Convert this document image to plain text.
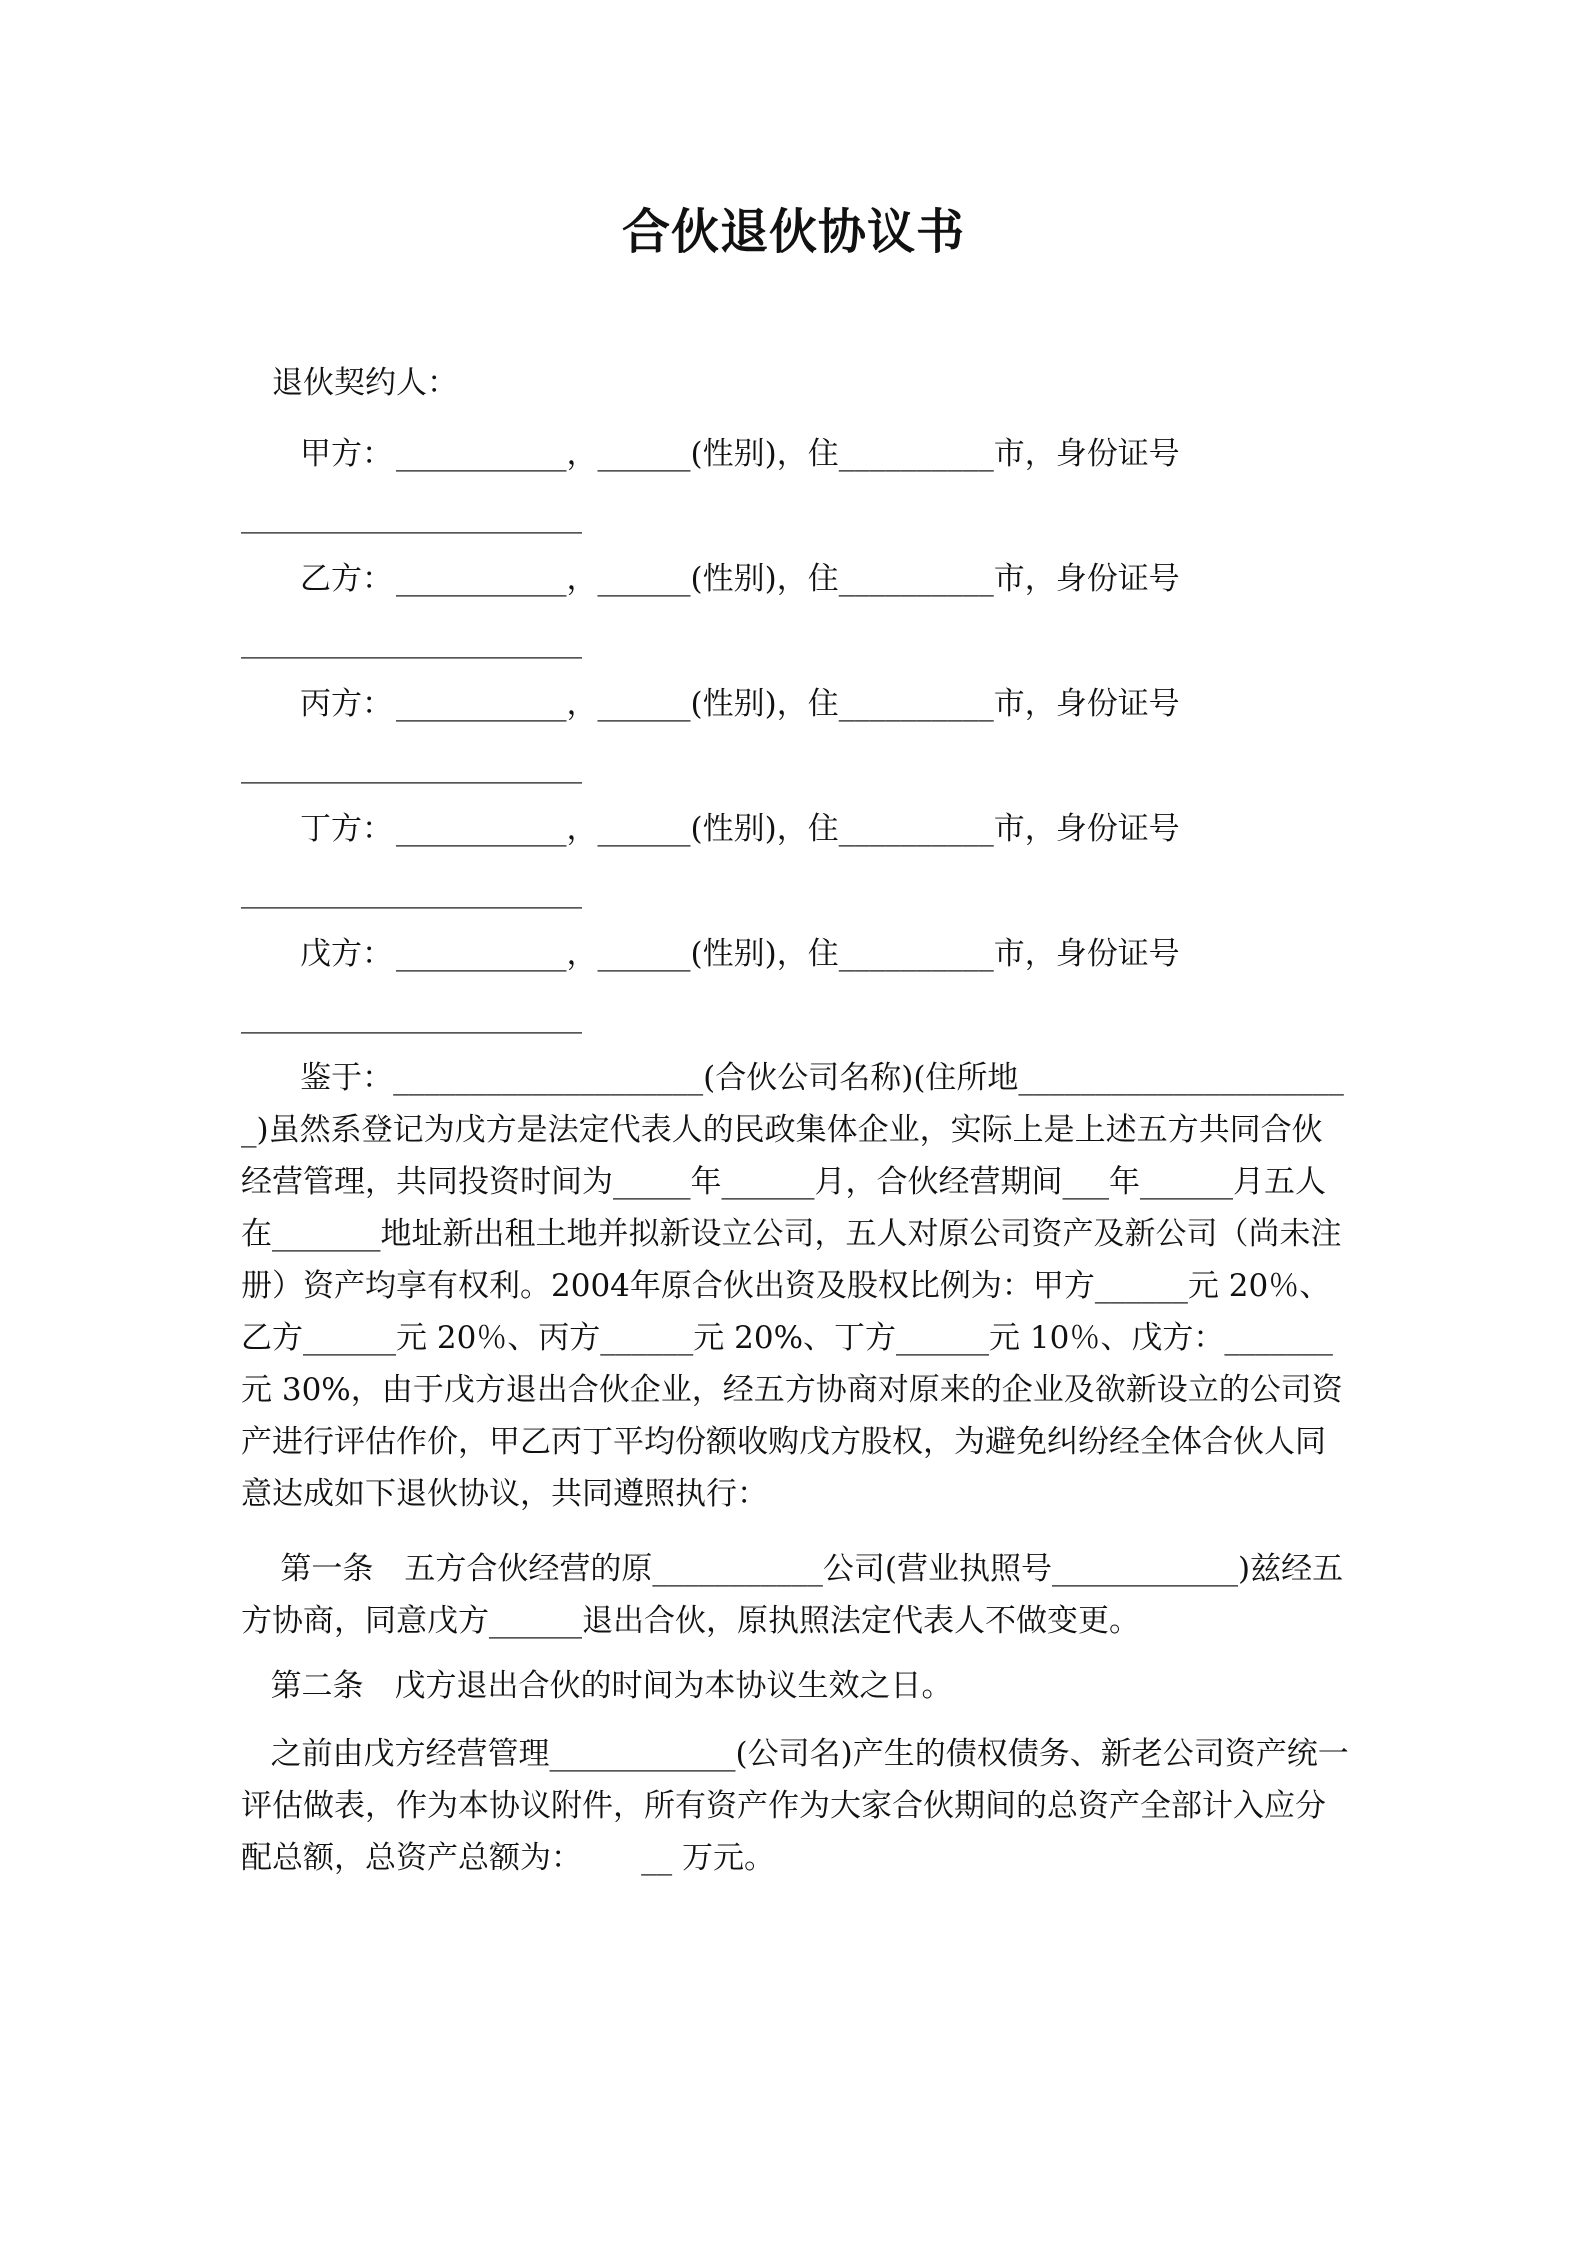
合伙退伙协议书
退伙契约人：
甲方： ___________，______(性别)，住__________市，身份证号
______________________
乙方： ___________，______(性别)，住__________市，身份证号
______________________
丙方： ___________，______(性别)，住__________市，身份证号
______________________
丁方： ___________，______(性别)，住__________市，身份证号
______________________
戊方： ___________，______(性别)，住__________市，身份证号
______________________
鉴于：____________________(合伙公司名称)(住所地______________________)虽然系登记为戊方是法定代表人的民政集体企业，实际上是上述五方共同合伙经营管理，共同投资时间为_____年______月，合伙经营期间___年______月五人在_______地址新出租土地并拟新设立公司，五人对原公司资产及新公司（尚未注册）资产均享有权利。2004年原合伙出资及股权比例为：甲方______元 20％、乙方______元 20％、丙方______元 20%、丁方______元 10％、戊方：_______元 30%，由于戊方退出合伙企业，经五方协商对原来的企业及欲新设立的公司资产进行评估作价，甲乙丙丁平均份额收购戊方股权，为避免纠纷经全体合伙人同意达成如下退伙协议，共同遵照执行：
第一条　五方合伙经营的原___________公司(营业执照号____________)兹经五方协商，同意戊方______退出合伙，原执照法定代表人不做变更。
第二条　戊方退出合伙的时间为本协议生效之日。
之前由戊方经营管理____________(公司名)产生的债权债务、新老公司资产统一评估做表，作为本协议附件，所有资产作为大家合伙期间的总资产全部计入应分配总额，总资产总额为：      __ 万元。
